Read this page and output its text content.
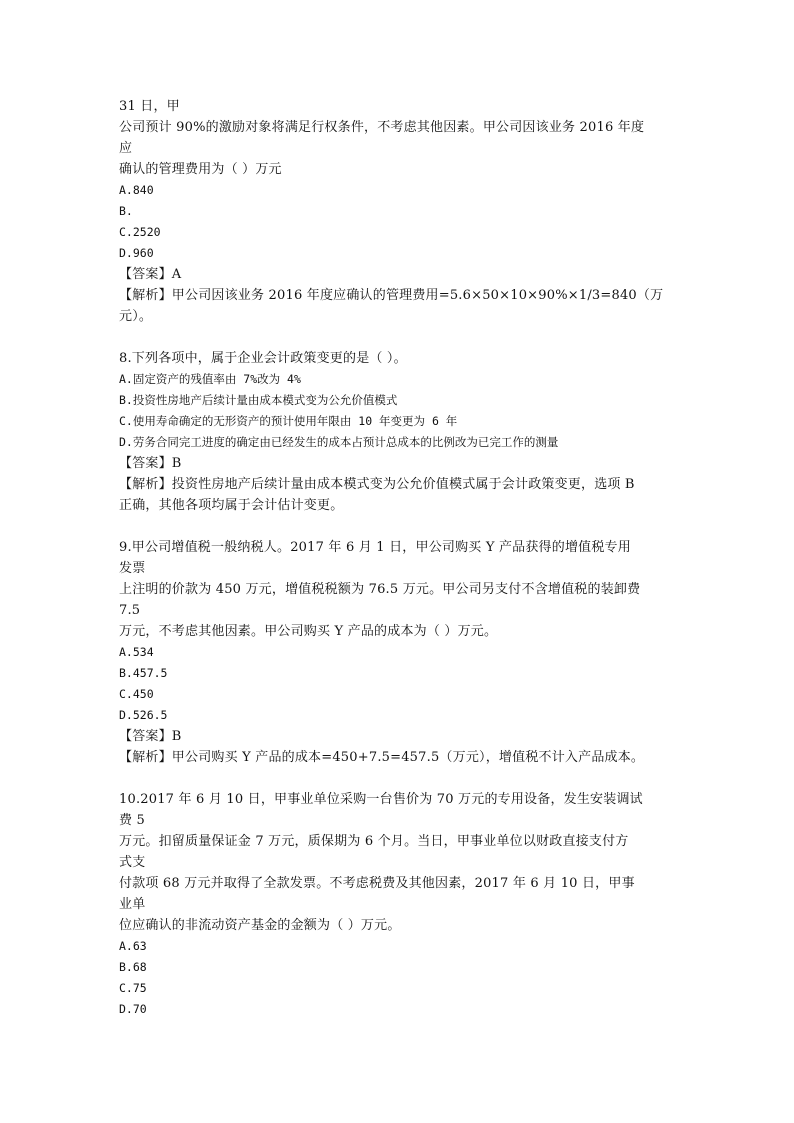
31 日，甲
公司预计 90%的激励对象将满足行权条件，不考虑其他因素。甲公司因该业务 2016 年度
应
确认的管理费用为（ ）万元
A.840
B.
C.2520
D.960
【答案】A
【解析】甲公司因该业务 2016 年度应确认的管理费用=5.6×50×10×90%×1/3=840（万
元）。
8.下列各项中，属于企业会计政策变更的是（ ）。
A.固定资产的残值率由 7%改为 4%
B.投资性房地产后续计量由成本模式变为公允价值模式
C.使用寿命确定的无形资产的预计使用年限由 10 年变更为 6 年
D.劳务合同完工进度的确定由已经发生的成本占预计总成本的比例改为已完工作的测量
【答案】B
【解析】投资性房地产后续计量由成本模式变为公允价值模式属于会计政策变更，选项 B
正确，其他各项均属于会计估计变更。
9.甲公司增值税一般纳税人。2017 年 6 月 1 日，甲公司购买 Y 产品获得的增值税专用
发票
上注明的价款为 450 万元，增值税税额为 76.5 万元。甲公司另支付不含增值税的装卸费
7.5
万元，不考虑其他因素。甲公司购买 Y 产品的成本为（ ）万元。
A.534
B.457.5
C.450
D.526.5
【答案】B
【解析】甲公司购买 Y 产品的成本=450+7.5=457.5（万元），增值税不计入产品成本。
10.2017 年 6 月 10 日，甲事业单位采购一台售价为 70 万元的专用设备，发生安装调试
费 5
万元。扣留质量保证金 7 万元，质保期为 6 个月。当日，甲事业单位以财政直接支付方
式支
付款项 68 万元并取得了全款发票。不考虑税费及其他因素，2017 年 6 月 10 日，甲事
业单
位应确认的非流动资产基金的金额为（ ）万元。
A.63
B.68
C.75
D.70
